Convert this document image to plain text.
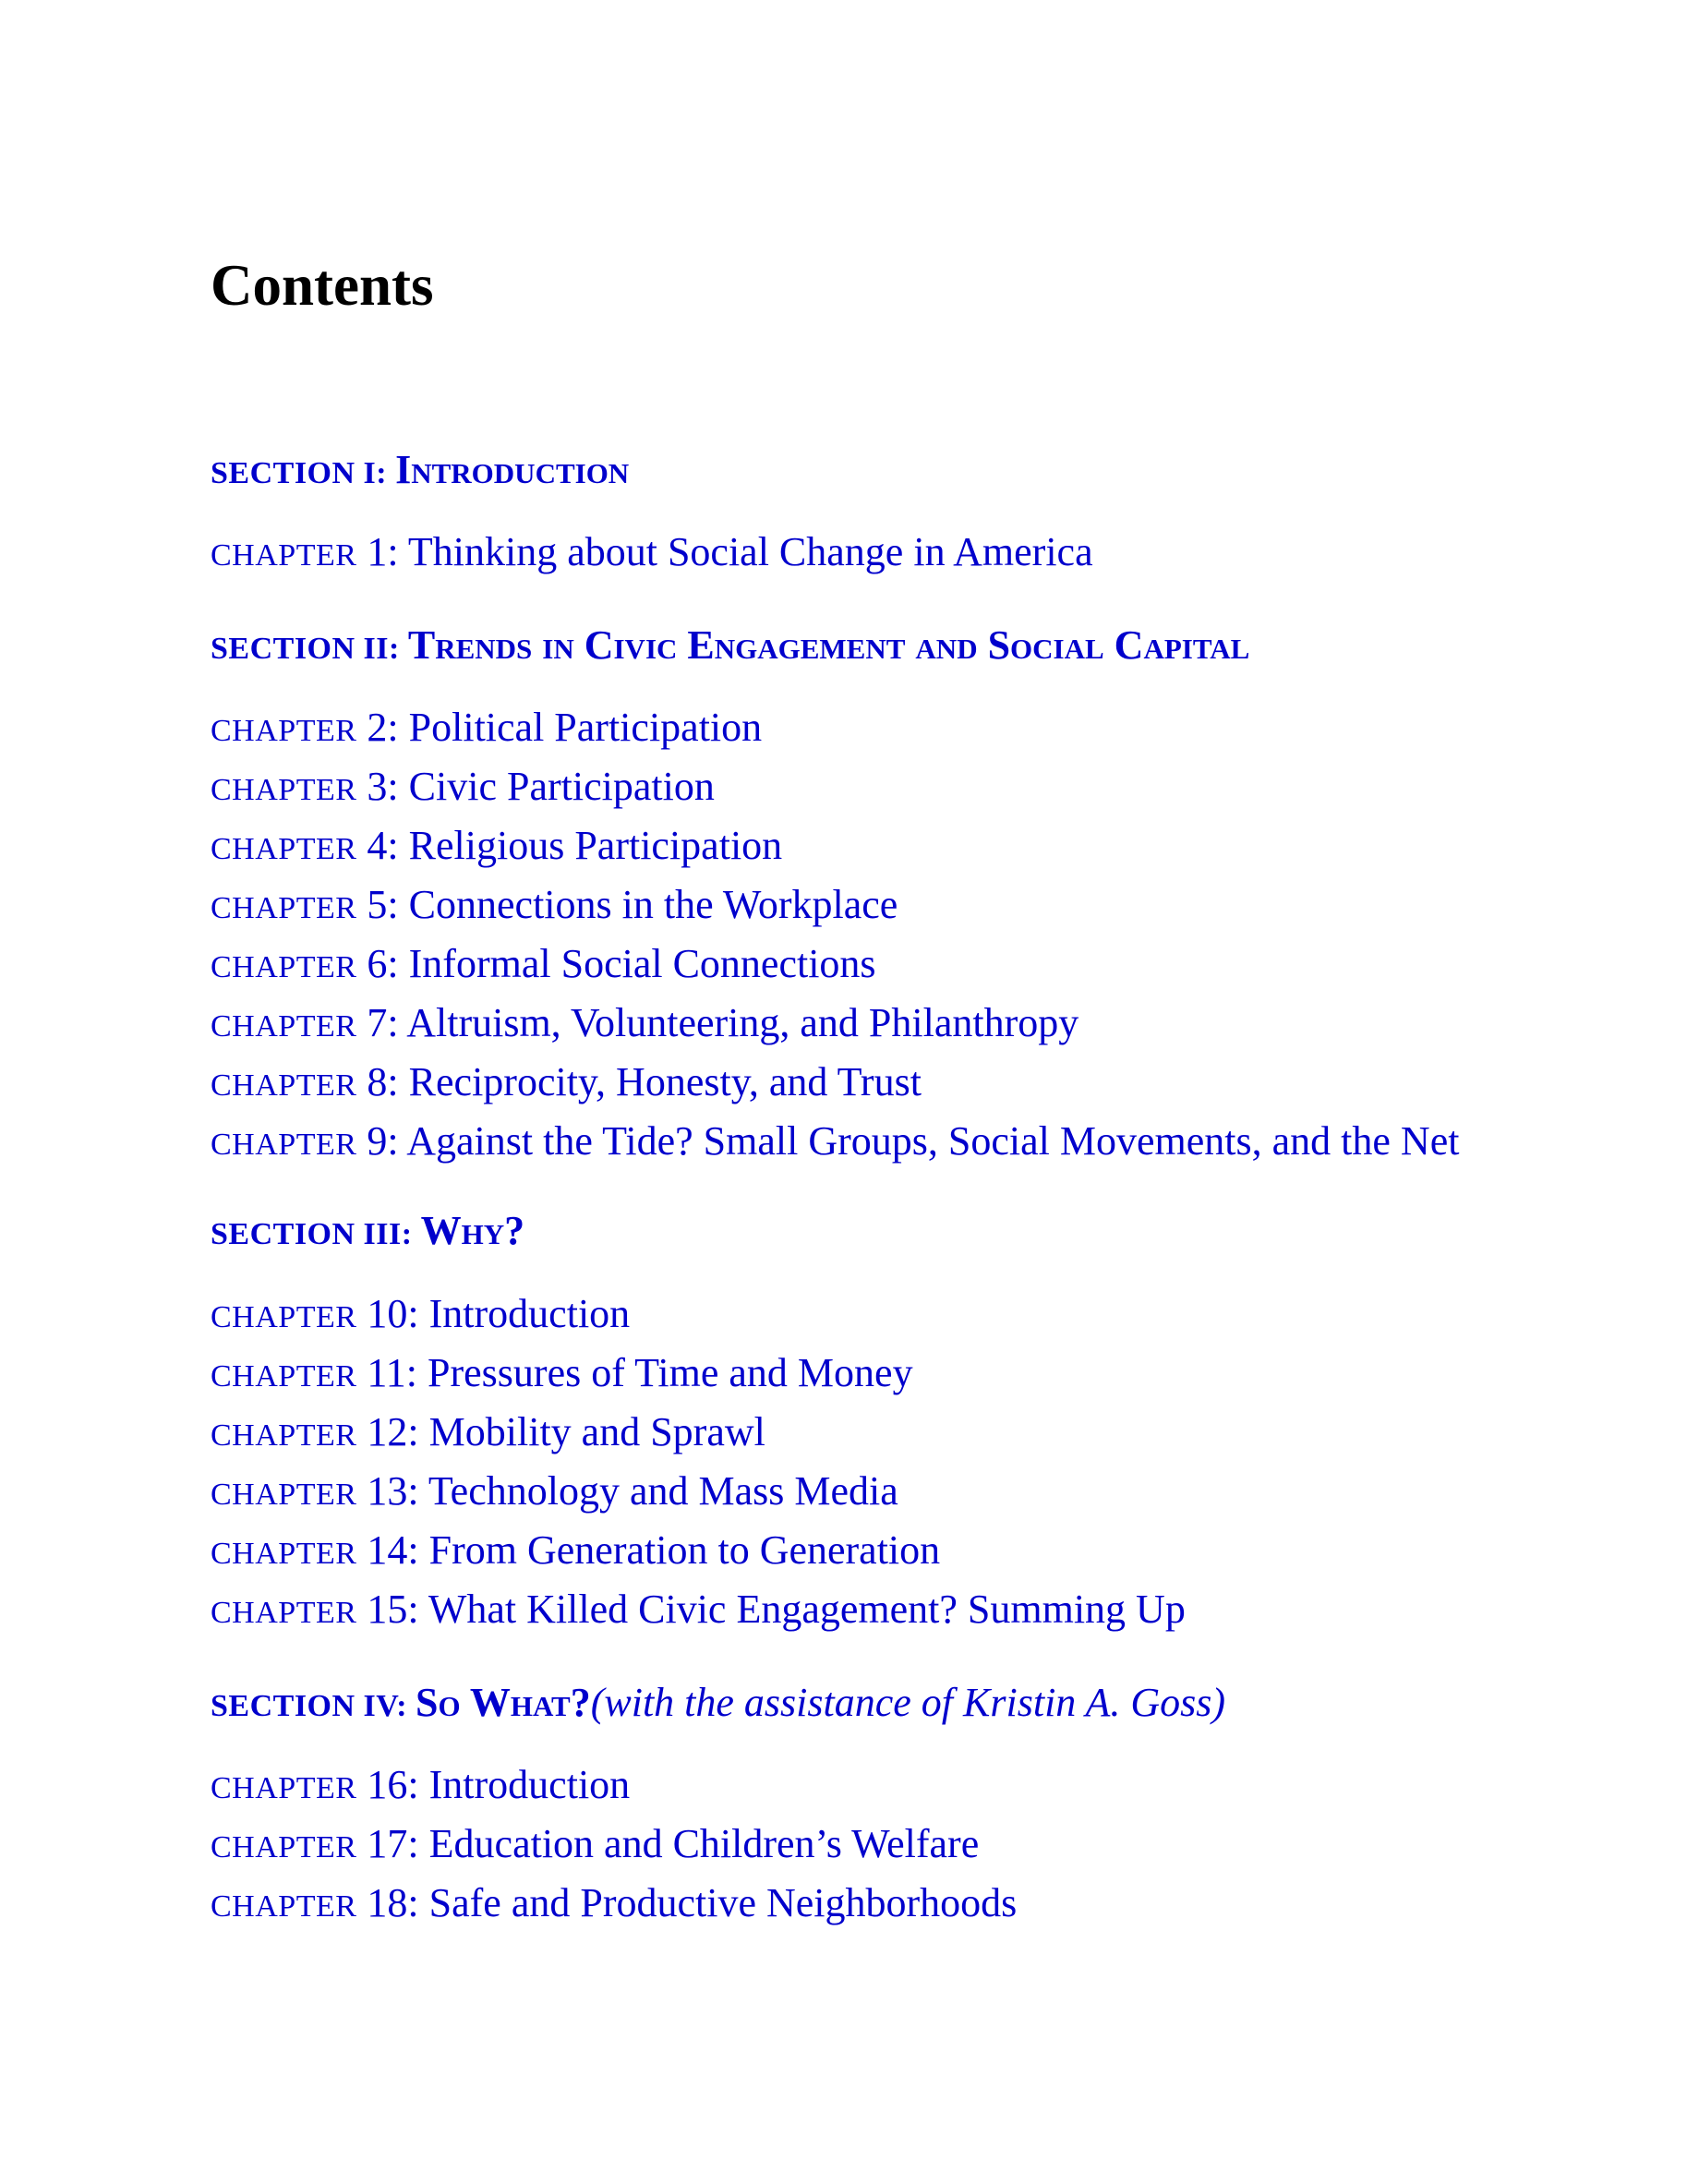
Contents
SECTION I: Introduction
CHAPTER 1: Thinking about Social Change in America
SECTION II: Trends in Civic Engagement and Social Capital
CHAPTER 2: Political Participation
CHAPTER 3: Civic Participation
CHAPTER 4: Religious Participation
CHAPTER 5: Connections in the Workplace
CHAPTER 6: Informal Social Connections
CHAPTER 7: Altruism, Volunteering, and Philanthropy
CHAPTER 8: Reciprocity, Honesty, and Trust
CHAPTER 9: Against the Tide? Small Groups, Social Movements, and the Net
SECTION III: Why?
CHAPTER 10: Introduction
CHAPTER 11: Pressures of Time and Money
CHAPTER 12: Mobility and Sprawl
CHAPTER 13: Technology and Mass Media
CHAPTER 14: From Generation to Generation
CHAPTER 15: What Killed Civic Engagement? Summing Up
SECTION IV: So What?(with the assistance of Kristin A. Goss)
CHAPTER 16: Introduction
CHAPTER 17: Education and Children’s Welfare
CHAPTER 18: Safe and Productive Neighborhoods
